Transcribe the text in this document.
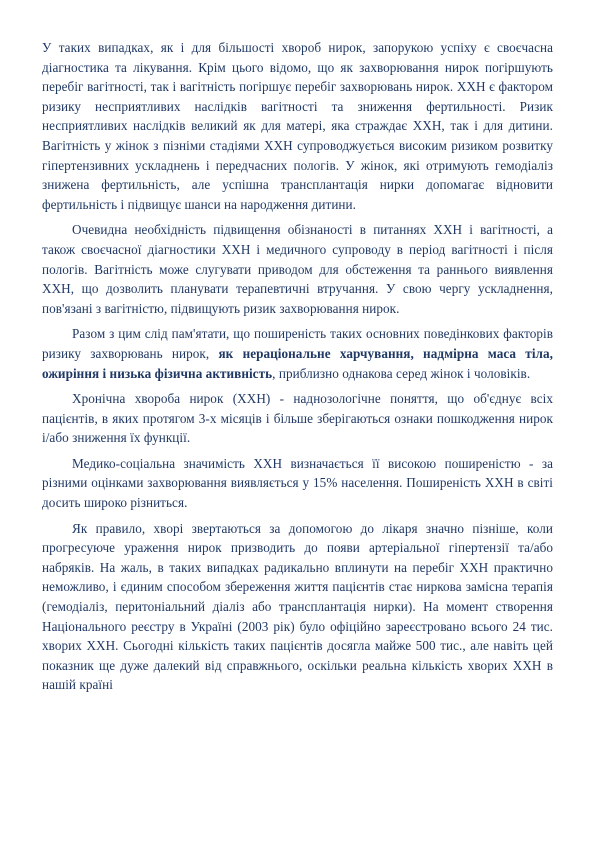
У таких випадках, як і для більшості хвороб нирок, запорукою успіху є своєчасна діагностика та лікування. Крім цього відомо, що як захворювання нирок погіршують перебіг вагітності, так і вагітність погіршує перебіг захворювань нирок. ХХН є фактором ризику несприятливих наслідків вагітності та зниження фертильності. Ризик несприятливих наслідків великий як для матері, яка страждає ХХН, так і для дитини. Вагітність у жінок з пізніми стадіями ХХН супроводжується високим ризиком розвитку гіпертензивних ускладнень і передчасних пологів. У жінок, які отримують гемодіаліз знижена фертильність, але успішна трансплантація нирки допомагає відновити фертильність і підвищує шанси на народження дитини.

Очевидна необхідність підвищення обізнаності в питаннях ХХН і вагітності, а також своєчасної діагностики ХХН і медичного супроводу в період вагітності і після пологів. Вагітність може слугувати приводом для обстеження та раннього виявлення ХХН, що дозволить планувати терапевтичні втручання. У свою чергу ускладнення, пов'язані з вагітністю, підвищують ризик захворювання нирок.

Разом з цим слід пам'ятати, що поширеність таких основних поведінкових факторів ризику захворювань нирок, як нераціональне харчування, надмірна маса тіла, ожиріння і низька фізична активність, приблизно однакова серед жінок і чоловіків.

Хронічна хвороба нирок (ХХН) - наднозологічне поняття, що об'єднує всіх пацієнтів, в яких протягом 3-х місяців і більше зберігаються ознаки пошкодження нирок і/або зниження їх функції.

Медико-соціальна значимість ХХН визначається її високою поширеністю - за різними оцінками захворювання виявляється у 15% населення. Поширеність ХХН в світі досить широко різниться.

Як правило, хворі звертаються за допомогою до лікаря значно пізніше, коли прогресуюче ураження нирок призводить до появи артеріальної гіпертензії та/або набряків. На жаль, в таких випадках радикально вплинути на перебіг ХХН практично неможливо, і єдиним способом збереження життя пацієнтів стає ниркова замісна терапія (гемодіаліз, перитоніальний діаліз або трансплантація нирки). На момент створення Національного реєстру в Україні (2003 рік) було офіційно зареєстровано всього 24 тис. хворих ХХН. Сьогодні кількість таких пацієнтів досягла майже 500 тис., але навіть цей показник ще дуже далекий від справжнього, оскільки реальна кількість хворих ХХН в нашій країні
